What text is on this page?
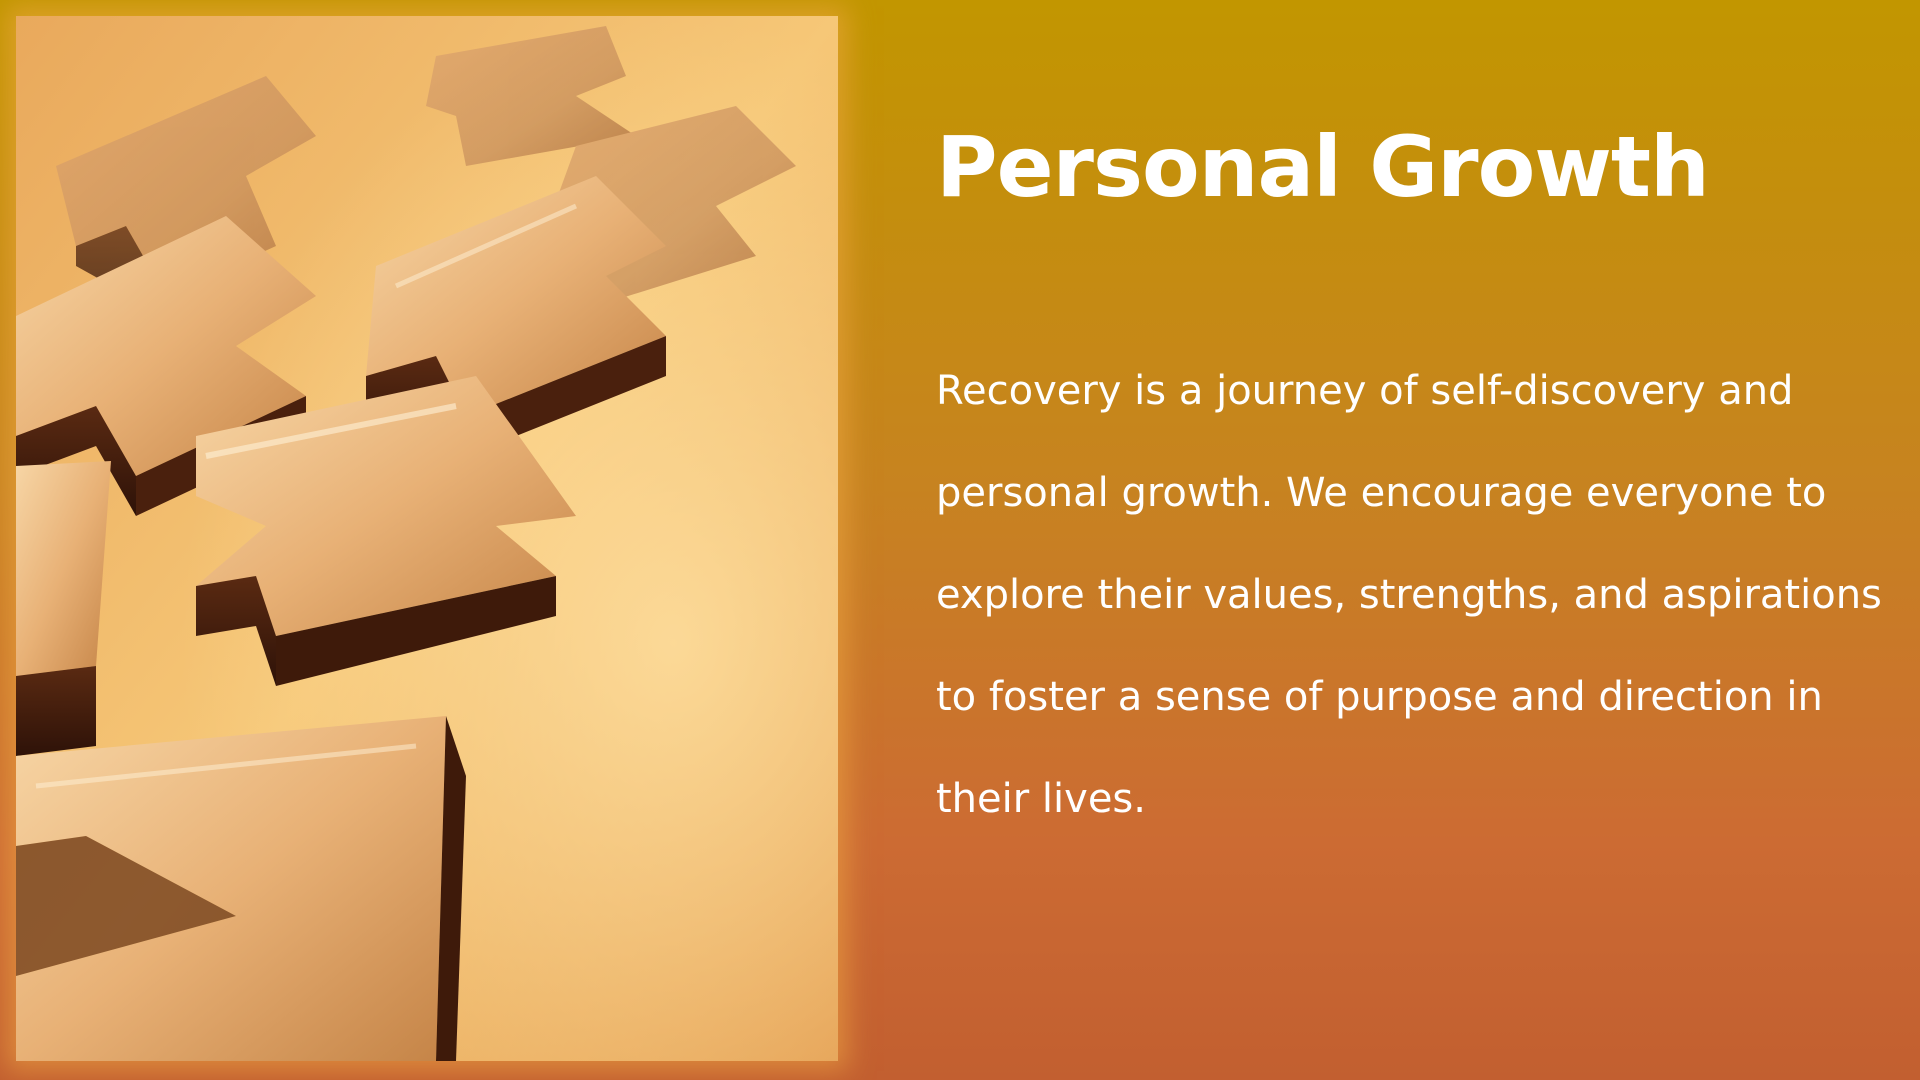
Personal Growth

Recovery is a journey of self-discovery and personal growth. We encourage everyone to explore their values, strengths, and aspirations to foster a sense of purpose and direction in their lives.
